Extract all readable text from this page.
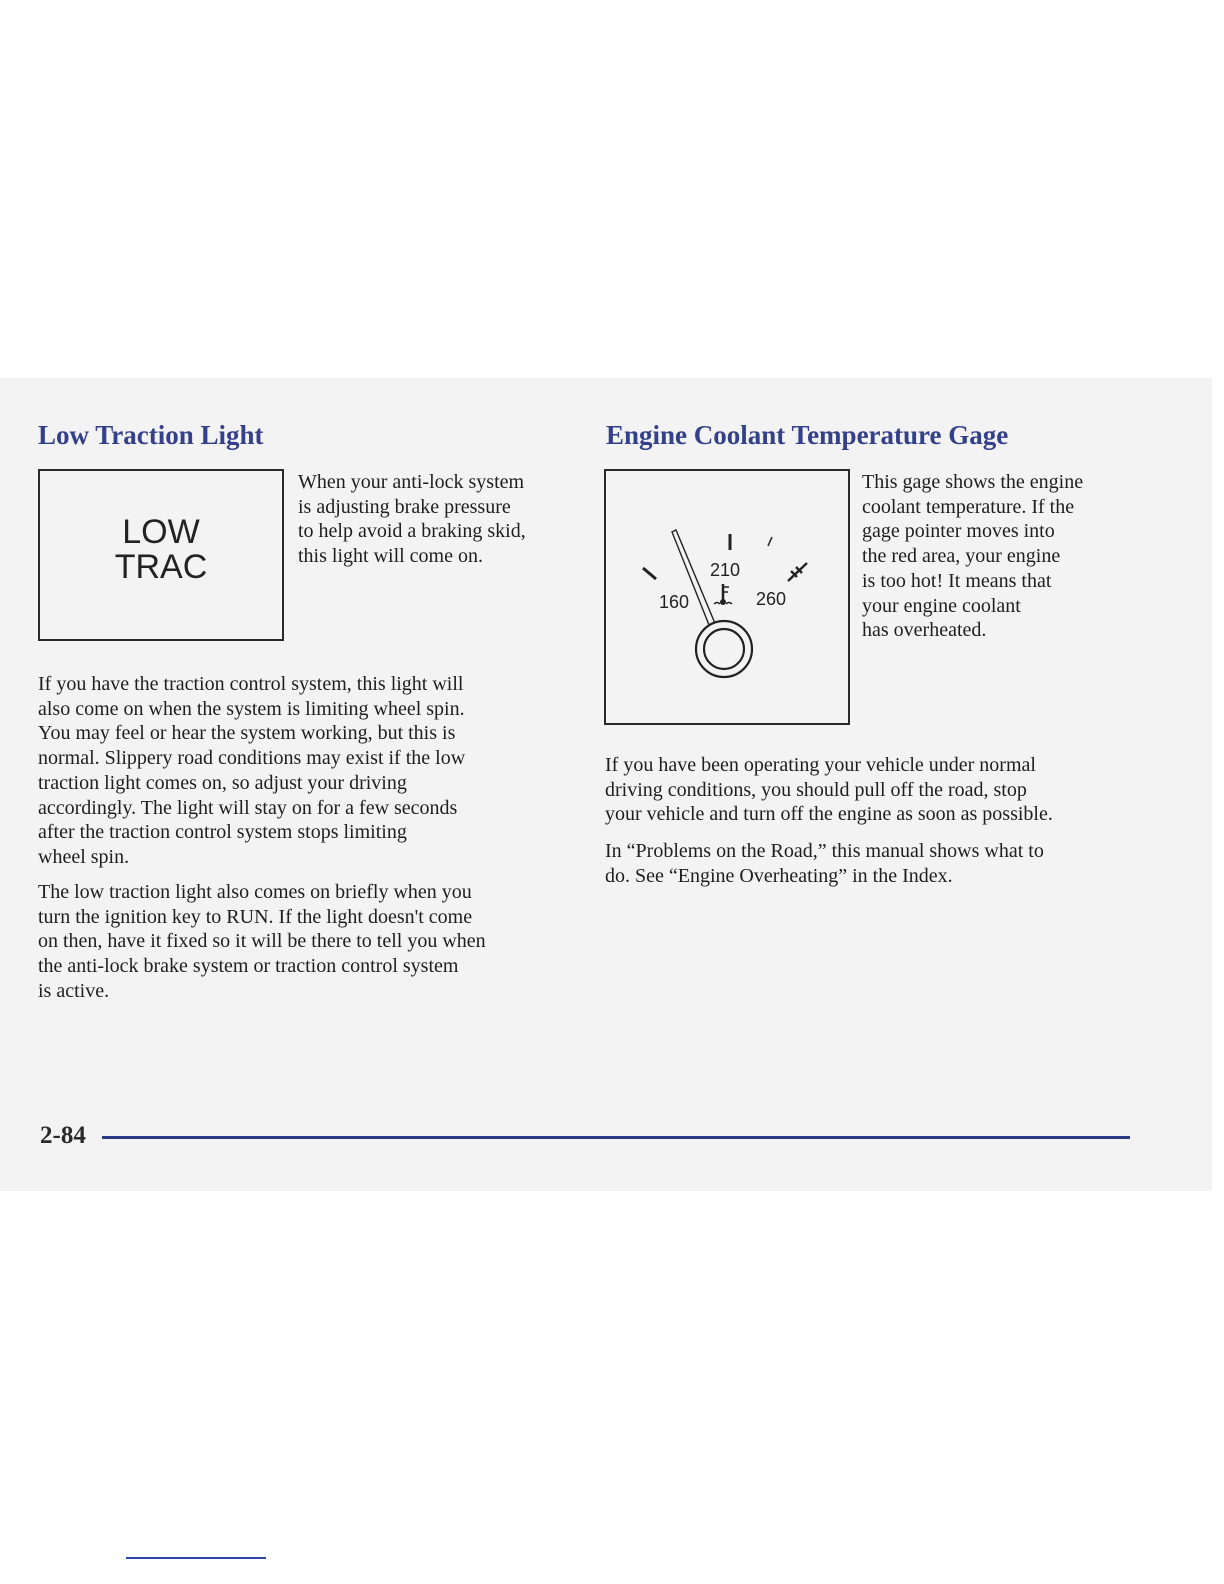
Low Traction Light
LOW
TRAC

When your anti-lock system
is adjusting brake pressure
to help avoid a braking skid,
this light will come on.

If you have the traction control system, this light will
also come on when the system is limiting wheel spin.
You may feel or hear the system working, but this is
normal. Slippery road conditions may exist if the low
traction light comes on, so adjust your driving
accordingly. The light will stay on for a few seconds
after the traction control system stops limiting
wheel spin.

The low traction light also comes on briefly when you
turn the ignition key to RUN. If the light doesn't come
on then, have it fixed so it will be there to tell you when
the anti-lock brake system or traction control system
is active.

Engine Coolant Temperature Gage
160
210
260

This gage shows the engine
coolant temperature. If the
gage pointer moves into
the red area, your engine
is too hot! It means that
your engine coolant
has overheated.

If you have been operating your vehicle under normal
driving conditions, you should pull off the road, stop
your vehicle and turn off the engine as soon as possible.

In “Problems on the Road,” this manual shows what to
do. See “Engine Overheating” in the Index.

2-84
